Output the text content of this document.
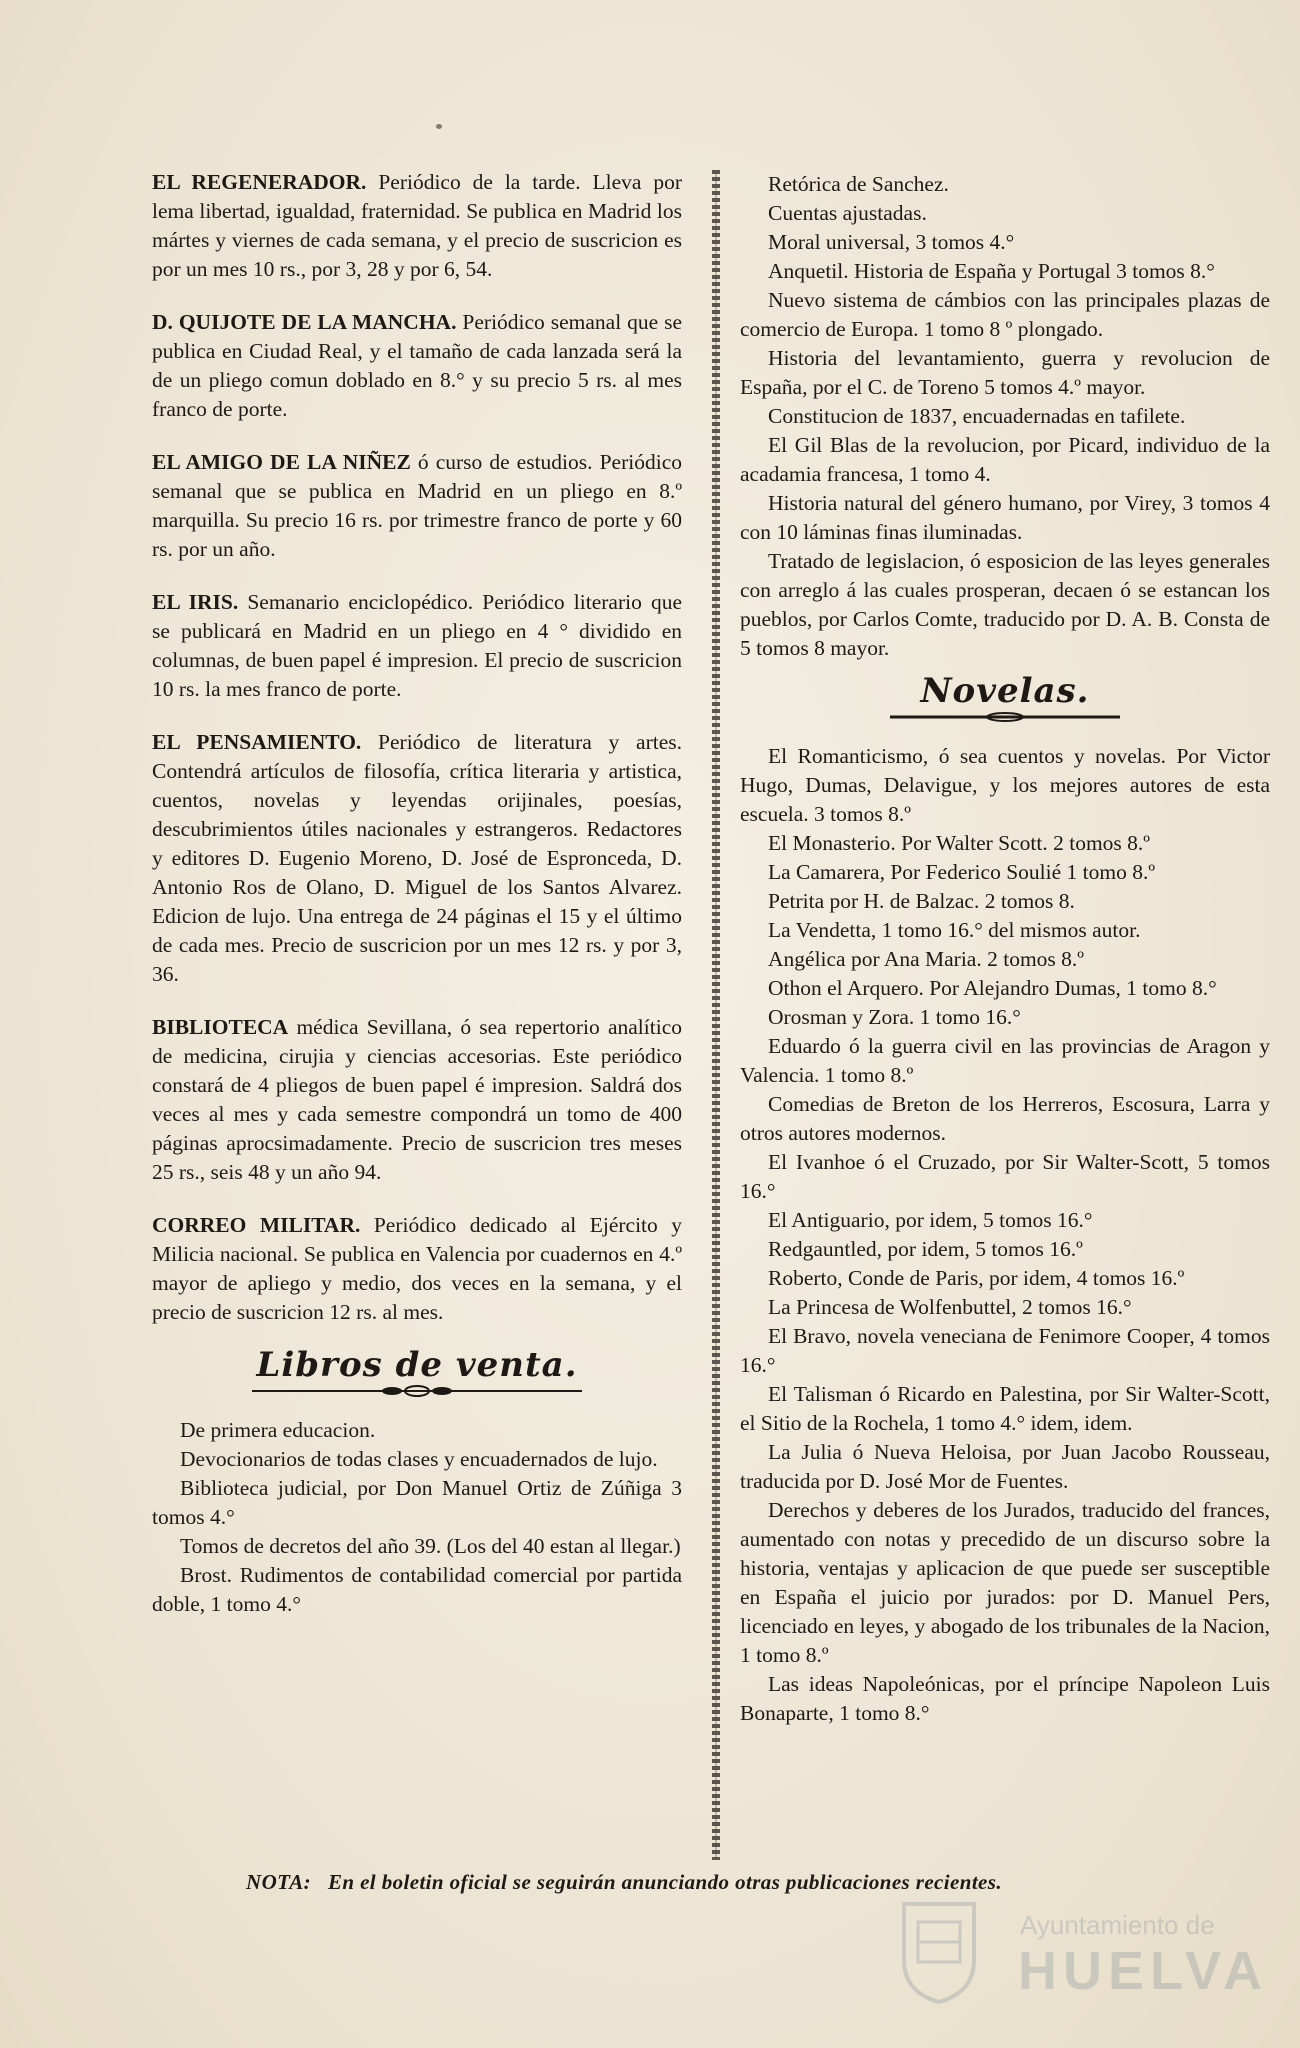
EL REGENERADOR. Periódico de la tarde. Lleva por lema libertad, igualdad, fraternidad. Se publica en Madrid los mártes y viernes de cada semana, y el precio de suscricion es por un mes 10 rs., por 3, 28 y por 6, 54.
D. QUIJOTE DE LA MANCHA. Periódico semanal que se publica en Ciudad Real, y el tamaño de cada lanzada será la de un pliego comun doblado en 8.° y su precio 5 rs. al mes franco de porte.
EL AMIGO DE LA NIÑEZ ó curso de estudios. Periódico semanal que se publica en Madrid en un pliego en 8.º marquilla. Su precio 16 rs. por trimestre franco de porte y 60 rs. por un año.
EL IRIS. Semanario enciclopédico. Periódico literario que se publicará en Madrid en un pliego en 4 ° dividido en columnas, de buen papel é impresion. El precio de suscricion 10 rs. la mes franco de porte.
EL PENSAMIENTO. Periódico de literatura y artes. Contendrá artículos de filosofía, crítica literaria y artistica, cuentos, novelas y leyendas orijinales, poesías, descubrimientos útiles nacionales y estrangeros. Redactores y editores D. Eugenio Moreno, D. José de Espronceda, D. Antonio Ros de Olano, D. Miguel de los Santos Alvarez. Edicion de lujo. Una entrega de 24 páginas el 15 y el último de cada mes. Precio de suscricion por un mes 12 rs. y por 3, 36.
BIBLIOTECA médica Sevillana, ó sea repertorio analítico de medicina, cirujia y ciencias accesorias. Este periódico constará de 4 pliegos de buen papel é impresion. Saldrá dos veces al mes y cada semestre compondrá un tomo de 400 páginas aprocsimadamente. Precio de suscricion tres meses 25 rs., seis 48 y un año 94.
CORREO MILITAR. Periódico dedicado al Ejército y Milicia nacional. Se publica en Valencia por cuadernos en 4.º mayor de apliego y medio, dos veces en la semana, y el precio de suscricion 12 rs. al mes.
Libros de venta.

De primera educacion.

Devocionarios de todas clases y encuadernados de lujo.

Biblioteca judicial, por Don Manuel Ortiz de Zúñiga 3 tomos 4.°

Tomos de decretos del año 39. (Los del 40 estan al llegar.)

Brost. Rudimentos de contabilidad comercial por partida doble, 1 tomo 4.°

Retórica de Sanchez.

Cuentas ajustadas.

Moral universal, 3 tomos 4.°

Anquetil. Historia de España y Portugal 3 tomos 8.°

Nuevo sistema de cámbios con las principales plazas de comercio de Europa. 1 tomo 8 º plongado.

Historia del levantamiento, guerra y revolucion de España, por el C. de Toreno 5 tomos 4.º mayor.

Constitucion de 1837, encuadernadas en tafilete.

El Gil Blas de la revolucion, por Picard, individuo de la acadamia francesa, 1 tomo 4.

Historia natural del género humano, por Virey, 3 tomos 4 con 10 láminas finas iluminadas.

Tratado de legislacion, ó esposicion de las leyes generales con arreglo á las cuales prosperan, decaen ó se estancan los pueblos, por Carlos Comte, traducido por D. A. B. Consta de 5 tomos 8 mayor.

Novelas.

El Romanticismo, ó sea cuentos y novelas. Por Victor Hugo, Dumas, Delavigue, y los mejores autores de esta escuela. 3 tomos 8.º

El Monasterio. Por Walter Scott. 2 tomos 8.º

La Camarera, Por Federico Soulié 1 tomo 8.º

Petrita por H. de Balzac. 2 tomos 8.

La Vendetta, 1 tomo 16.° del mismos autor.

Angélica por Ana Maria. 2 tomos 8.º

Othon el Arquero. Por Alejandro Dumas, 1 tomo 8.°

Orosman y Zora. 1 tomo 16.°

Eduardo ó la guerra civil en las provincias de Aragon y Valencia. 1 tomo 8.º

Comedias de Breton de los Herreros, Escosura, Larra y otros autores modernos.

El Ivanhoe ó el Cruzado, por Sir Walter-Scott, 5 tomos 16.°

El Antiguario, por idem, 5 tomos 16.°

Redgauntled, por idem, 5 tomos 16.º

Roberto, Conde de Paris, por idem, 4 tomos 16.º

La Princesa de Wolfenbuttel, 2 tomos 16.°

El Bravo, novela veneciana de Fenimore Cooper, 4 tomos 16.°

El Talisman ó Ricardo en Palestina, por Sir Walter-Scott, el Sitio de la Rochela, 1 tomo 4.° idem, idem.

La Julia ó Nueva Heloisa, por Juan Jacobo Rousseau, traducida por D. José Mor de Fuentes.

Derechos y deberes de los Jurados, traducido del frances, aumentado con notas y precedido de un discurso sobre la historia, ventajas y aplicacion de que puede ser susceptible en España el juicio por jurados: por D. Manuel Pers, licenciado en leyes, y abogado de los tribunales de la Nacion, 1 tomo 8.º

Las ideas Napoleónicas, por el príncipe Napoleon Luis Bonaparte, 1 tomo 8.°

NOTA: En el boletin oficial se seguirán anunciando otras publicaciones recientes.
Ayuntamiento de
HUELVA
